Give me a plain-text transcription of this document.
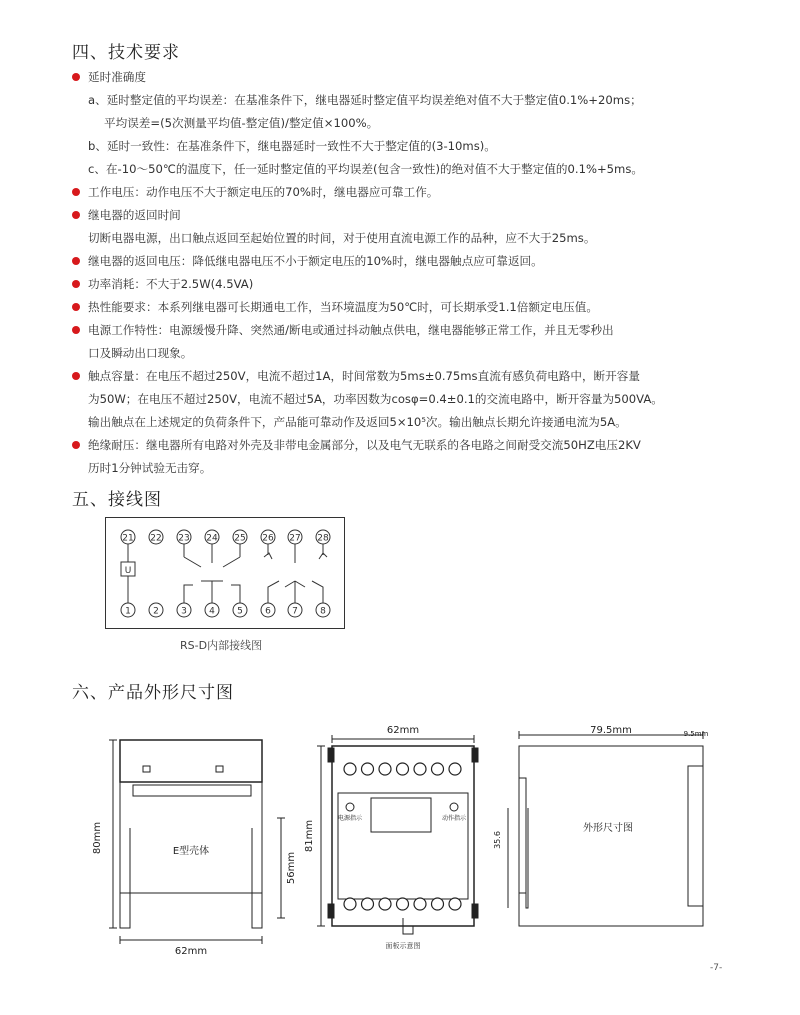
四、技术要求
延时准确度
a、延时整定值的平均误差：在基准条件下，继电器延时整定值平均误差绝对值不大于整定值0.1%+20ms；
平均误差=(5次测量平均值-整定值)/整定值×100%。
b、延时一致性：在基准条件下，继电器延时一致性不大于整定值的(3-10ms)。
c、在-10～50℃的温度下，任一延时整定值的平均误差(包含一致性)的绝对值不大于整定值的0.1%+5ms。
工作电压：动作电压不大于额定电压的70%时，继电器应可靠工作。
继电器的返回时间
切断电器电源，出口触点返回至起始位置的时间，对于使用直流电源工作的品种，应不大于25ms。
继电器的返回电压：降低继电器电压不小于额定电压的10%时，继电器触点应可靠返回。
功率消耗：不大于2.5W(4.5VA)
热性能要求：本系列继电器可长期通电工作，当环境温度为50℃时，可长期承受1.1倍额定电压值。
电源工作特性：电源缓慢升降、突然通/断电或通过抖动触点供电，继电器能够正常工作，并且无零秒出
口及瞬动出口现象。
触点容量：在电压不超过250V，电流不超过1A，时间常数为5ms±0.75ms直流有感负荷电路中，断开容量
为50W；在电压不超过250V，电流不超过5A，功率因数为cosφ=0.4±0.1的交流电路中，断开容量为500VA。
输出触点在上述规定的负荷条件下，产品能可靠动作及返回5×10⁵次。输出触点长期允许接通电流为5A。
绝缘耐压：继电器所有电路对外壳及非带电金属部分，以及电气无联系的各电路之间耐受交流50HZ电压2KV
历时1分钟试验无击穿。
五、接线图
21 22 23 24 25 26 27 28
1 2 3 4 5 6 7 8
U
RS-D内部接线图
六、产品外形尺寸图
80mm
56mm
62mm
E型壳体
62mm
81mm
电源指示	动作指示
面板示意图
79.5mm	9.5mm
35.6
外形尺寸图
-7-
